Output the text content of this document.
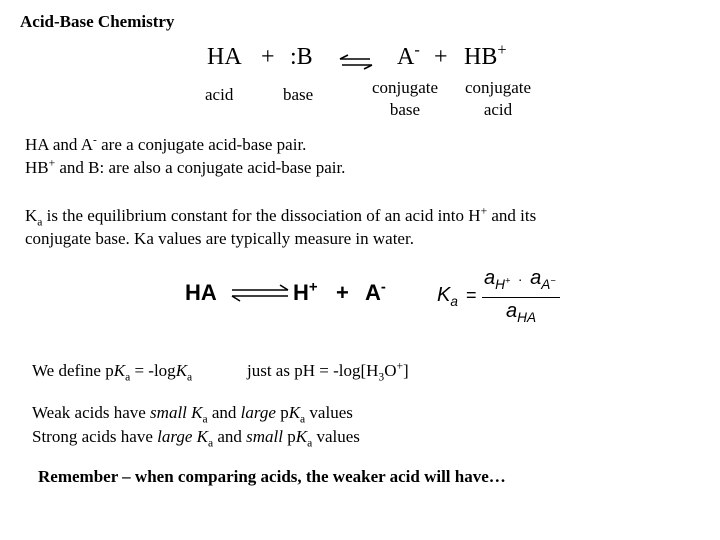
Acid-Base Chemistry
HA + :B ⇌ A- + HB+
acid	base	conjugate
base
conjugate
acid
HA and A- are a conjugate acid-base pair.
HB+ and B: are also a conjugate acid-base pair.
$K_a$ is the equilibrium constant for the dissociation of an acid into H+ and its
conjugate base. Ka values are typically measure in water.
HA ⇌ H+ + A-	$K_a$ =
$a_{H^+} \cdot a_{A^-}$
$a_{HA}$
We define $pK_a = -\log K_a$	just as pH = $-\log[H_3O^+]$
Weak acids have small $K_a$ and large $pK_a$ values
Strong acids have large $K_a$ and small $pK_a$ values
Remember – when comparing acids, the weaker acid will have…
